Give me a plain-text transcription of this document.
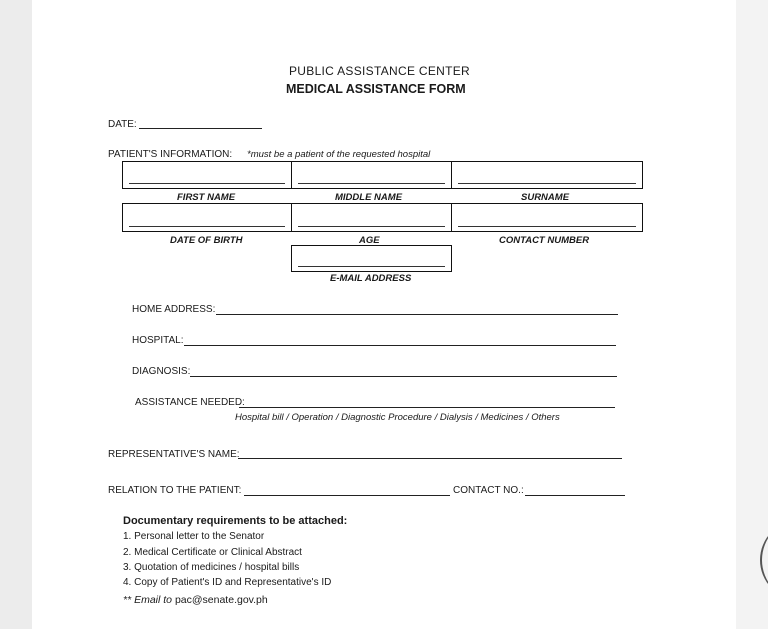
PUBLIC ASSISTANCE CENTER
MEDICAL ASSISTANCE FORM
DATE:
PATIENT'S INFORMATION: *must be a patient of the requested hospital
FIRST NAME	MIDDLE NAME	SURNAME
DATE OF BIRTH	AGE	CONTACT NUMBER
E-MAIL ADDRESS
HOME ADDRESS:
HOSPITAL:
DIAGNOSIS:
ASSISTANCE NEEDED:
Hospital bill / Operation / Diagnostic Procedure / Dialysis / Medicines / Others
REPRESENTATIVE'S NAME:
RELATION TO THE PATIENT:	CONTACT NO.:
Documentary requirements to be attached:
1. Personal letter to the Senator
2. Medical Certificate or Clinical Abstract
3. Quotation of medicines / hospital bills
4. Copy of Patient's ID and Representative's ID
** Email to pac@senate.gov.ph
